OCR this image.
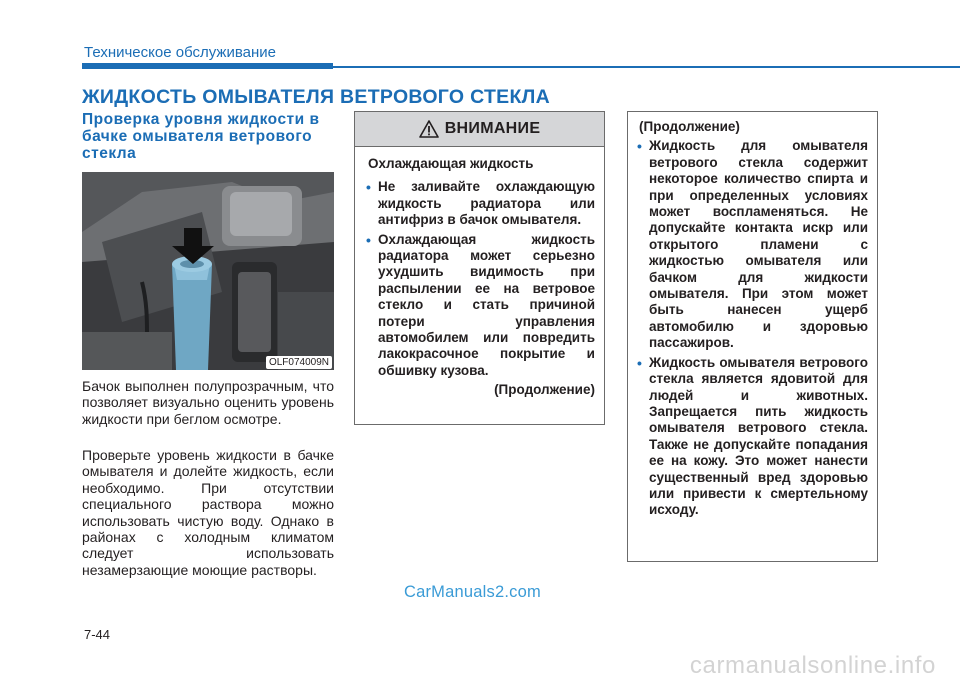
Техническое обслуживание
ЖИДКОСТЬ ОМЫВАТЕЛЯ ВЕТРОВОГО СТЕКЛА
Проверка уровня жидкости в бачке омывателя ветрового стекла
OLF074009N

Бачок выполнен полупрозрачным, что позволяет визуально оценить уровень жидкости при беглом осмотре.

Проверьте уровень жидкости в бачке омывателя и долейте жидкость, если необходимо. При отсутствии специального раствора можно использовать чистую воду. Однако в районах с холодным климатом следует использовать незамерзающие моющие растворы.

ВНИМАНИЕ

Охлаждающая жидкость

• Не заливайте охлаждающую жидкость радиатора или антифриз в бачок омывателя.
• Охлаждающая жидкость радиатора может серьезно ухудшить видимость при распылении ее на ветровое стекло и стать причиной потери управления автомобилем или повредить лакокрасочное покрытие и обшивку кузова.

(Продолжение)

(Продолжение)

• Жидкость для омывателя ветрового стекла содержит некоторое количество спирта и при определенных условиях может воспламеняться. Не допускайте контакта искр или открытого пламени с жидкостью омывателя или бачком для жидкости омывателя. При этом может быть нанесен ущерб автомобилю и здоровью пассажиров.
• Жидкость омывателя ветрового стекла является ядовитой для людей и животных. Запрещается пить жидкость омывателя ветрового стекла. Также не допускайте попадания ее на кожу. Это может нанести существенный вред здоровью или привести к смертельному исходу.
CarManuals2.com
7-44
carmanualsonline.info
